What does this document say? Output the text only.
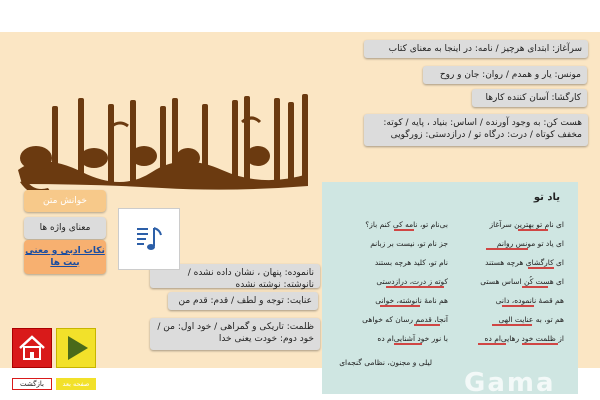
بسم الله الرحمن الرحیم
سرآغاز: ابتدای هرچیز / نامه: در اینجا به معنای کتاب
مونس: یار و همدم / روان: جان و روح
کارگشا: آسان کننده کارها
هست کن: به وجود آورنده / اساس: بنیاد ، پایه / کوته: مخفف کوتاه / درت: درگاه تو / درازدستی: زورگویی
نانموده: پنهان ، نشان داده نشده / نانوشته: نوشته نشده
عنایت: توجه و لطف / قدم: قدم من
ظلمت: تاریکی و گمراهی / خود اول: من / خود دوم: خودت یعنی خدا
خوانش متن
معنای واژه ها
نکات ادبی و معنی بیت ها
یاد تو
ای نام تو بهترین سرآغاز
ای یاد تو مونس روانم
ای کارگشای هرچه هستند
ای هست کُن اساس هستی
هم قصهٔ نانموده، دانی
هم تو، به عنایت الهی
از ظلمت خود رهایی‌ام ده
بی‌نام تو، نامه کی کنم باز؟
جز نام تو، نیست بر زبانم
نام تو، کلید هرچه بستند
کوته ز درت، درازدستی
هم نامهٔ نانوشته، خوانی
آنجا، قدمم رسان که خواهی
با نور خود آشنایی‌ام ده
لیلی و مجنون، نظامی گنجه‌ای
بازگشت	صفحه بعد	Gama
